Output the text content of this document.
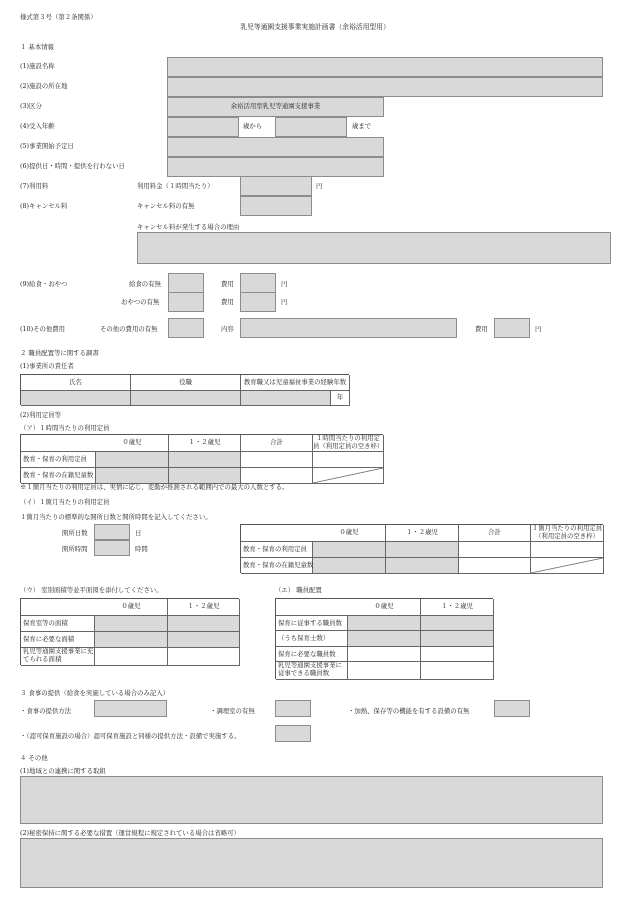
様式第３号（第２条関係）
乳児等通園支援事業実施計画書（余裕活用型用）
１ 基本情報
(1)施設名称
(2)施設の所在地
(3)区分	余裕活用型乳児等通園支援事業
(4)受入年齢	歳から	歳まで
(5)事業開始予定日
(6)提供日・時間・提供を行わない日
(7)利用料	利用料金（１時間当たり）	円
(8)キャンセル料	キャンセル料の有無
キャンセル料が発生する場合の理由
(9)給食・おやつ	給食の有無	費用	円
おやつの有無	費用	円
(10)その他費用	その他の費用の有無	内容	費用	円
２ 職員配置等に関する調書
(1)事業所の責任者
氏名	役職	教育職又は児童福祉事業の経験年数
年
(2)利用定員等
（ア）１時間当たりの利用定員
０歳児	１・２歳児	合計	１時間当たりの利用定員（利用定員の空き枠）
教育・保育の利用定員
教育・保育の在籍児童数
※１箇月当たりの利用定員は、実情に応じ、変動が推測される範囲内での最大の人数とする。
（イ）１箇月当たりの利用定員
１箇月当たりの標準的な開所日数と開所時間を記入してください。
開所日数	日
開所時間	時間
０歳児	１・２歳児	合計	１箇月当たりの利用定員（利用定員の空き枠）
教育・保育の利用定員
教育・保育の在籍児童数
（ウ） 室別面積等並平面図を添付してください。
０歳児	１・２歳児
保育室等の面積
保育に必要な面積
乳児等通園支援事業に充てられる面積
（エ） 職員配置
０歳児	１・２歳児
保育に従事する職員数
（うち保育士数）
保育に必要な職員数
乳児等通園支援事業に従事できる職員数
３ 食事の提供（給食を実施している場合のみ記入）
・食事の提供方法	・調理室の有無	・加熱、保存等の機能を有する設備の有無
・（認可保育施設の場合）認可保育施設と同様の提供方法・設備で実施する。
４ その他
(1)地域との連携に関する取組
(2)秘密保持に関する必要な措置（運営規程に規定されている場合は省略可）
